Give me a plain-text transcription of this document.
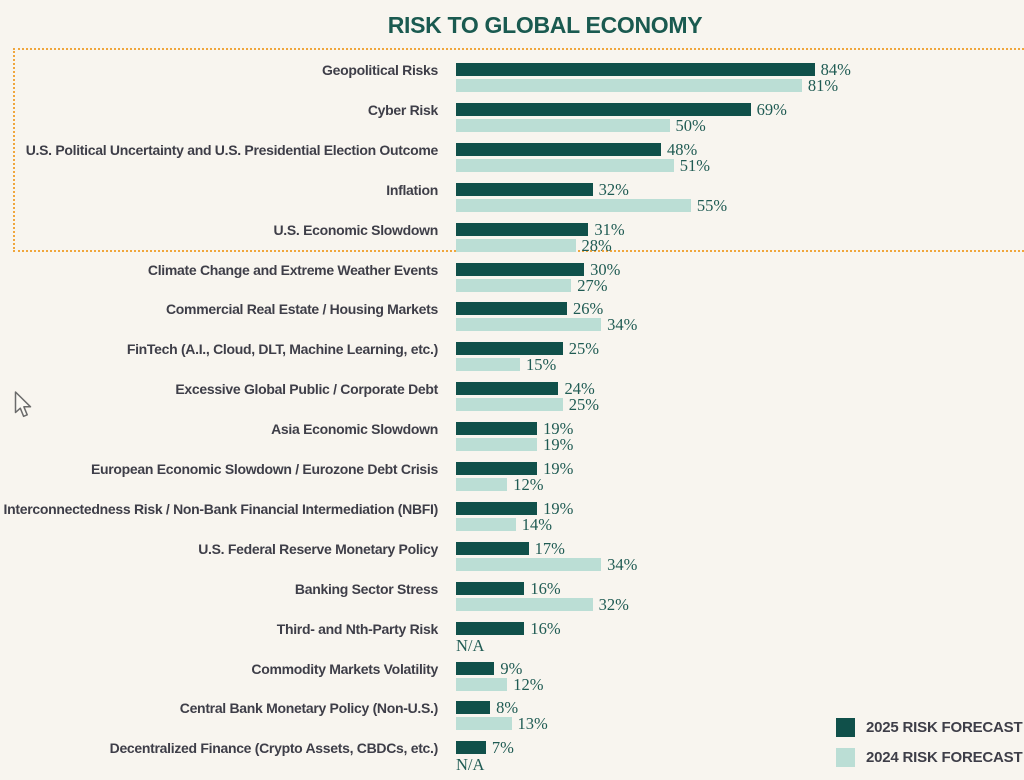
RISK TO GLOBAL ECONOMY
Geopolitical Risks	84%
81%
Cyber Risk	69%
50%
U.S. Political Uncertainty and U.S. Presidential Election Outcome	48%
51%
Inflation	32%
55%
U.S. Economic Slowdown	31%
28%
Climate Change and Extreme Weather Events	30%
27%
Commercial Real Estate / Housing Markets	26%
34%
FinTech (A.I., Cloud, DLT, Machine Learning, etc.)	25%
15%
Excessive Global Public / Corporate Debt	24%
25%
Asia Economic Slowdown	19%
19%
European Economic Slowdown / Eurozone Debt Crisis	19%
12%
Interconnectedness Risk / Non-Bank Financial Intermediation (NBFI)	19%
14%
U.S. Federal Reserve Monetary Policy	17%
34%
Banking Sector Stress	16%
32%
Third- and Nth-Party Risk	16%
N/A
Commodity Markets Volatility	9%
12%
Central Bank Monetary Policy (Non-U.S.)	8%
13%
Decentralized Finance (Crypto Assets, CBDCs, etc.)	7%
N/A
2025 RISK FORECAST
2024 RISK FORECAST
